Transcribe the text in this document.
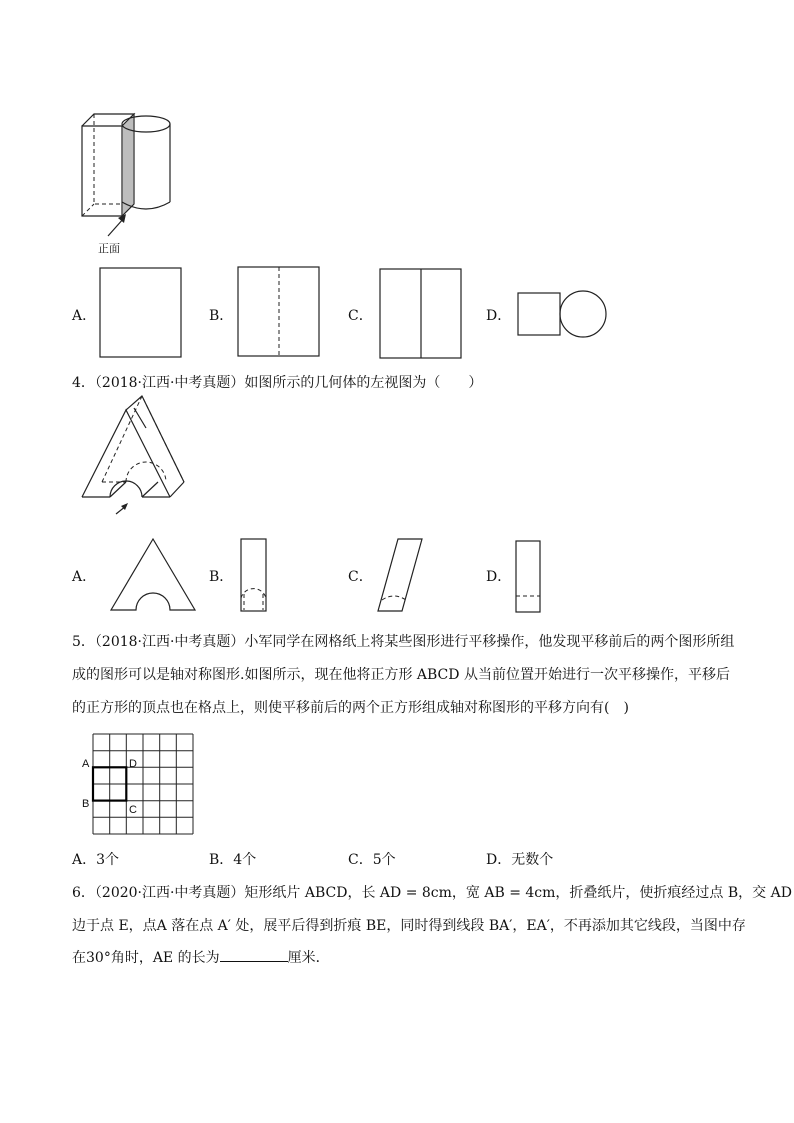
正面
A．	B．	C．	D．
4．（2018·江西·中考真题）如图所示的几何体的左视图为（　　）
A．	B．	C．	D．
5．（2018·江西·中考真题）小军同学在网格纸上将某些图形进行平移操作，他发现平移前后的两个图形所组
成的图形可以是轴对称图形.如图所示，现在他将正方形 ABCD 从当前位置开始进行一次平移操作，平移后
的正方形的顶点也在格点上，则使平移前后的两个正方形组成轴对称图形的平移方向有(　)
A	D
B	C
A．3个	B．4个	C．5个	D．无数个
6．（2020·江西·中考真题）矩形纸片 ABCD，长 AD = 8cm，宽 AB = 4cm，折叠纸片，使折痕经过点 B，交 AD
边于点 E，点A 落在点 A′ 处，展平后得到折痕 BE，同时得到线段 BA′，EA′，不再添加其它线段，当图中存
在30°角时，AE 的长为	厘米．
